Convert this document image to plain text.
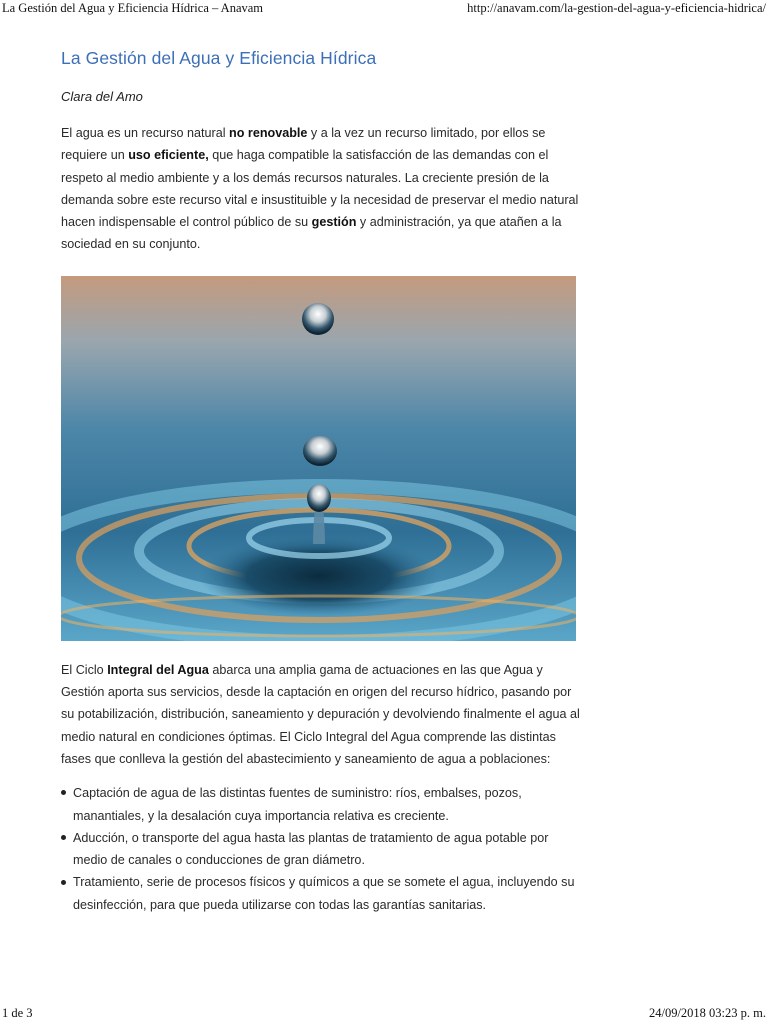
La Gestión del Agua y Eficiencia Hídrica – Anavam	http://anavam.com/la-gestion-del-agua-y-eficiencia-hidrica/
La Gestión del Agua y Eficiencia Hídrica

Clara del Amo

El agua es un recurso natural no renovable y a la vez un recurso limitado, por ellos se requiere un uso eficiente, que haga compatible la satisfacción de las demandas con el respeto al medio ambiente y a los demás recursos naturales. La creciente presión de la demanda sobre este recurso vital e insustituible y la necesidad de preservar el medio natural hacen indispensable el control público de su gestión y administración, ya que atañen a la sociedad en su conjunto.

El Ciclo Integral del Agua abarca una amplia gama de actuaciones en las que Agua y Gestión aporta sus servicios, desde la captación en origen del recurso hídrico, pasando por su potabilización, distribución, saneamiento y depuración y devolviendo finalmente el agua al medio natural en condiciones óptimas. El Ciclo Integral del Agua comprende las distintas fases que conlleva la gestión del abastecimiento y saneamiento de agua a poblaciones:

Captación de agua de las distintas fuentes de suministro: ríos, embalses, pozos, manantiales, y la desalación cuya importancia relativa es creciente.
Aducción, o transporte del agua hasta las plantas de tratamiento de agua potable por medio de canales o conducciones de gran diámetro.
Tratamiento, serie de procesos físicos y químicos a que se somete el agua, incluyendo su desinfección, para que pueda utilizarse con todas las garantías sanitarias.
1 de 3	24/09/2018 03:23 p. m.
